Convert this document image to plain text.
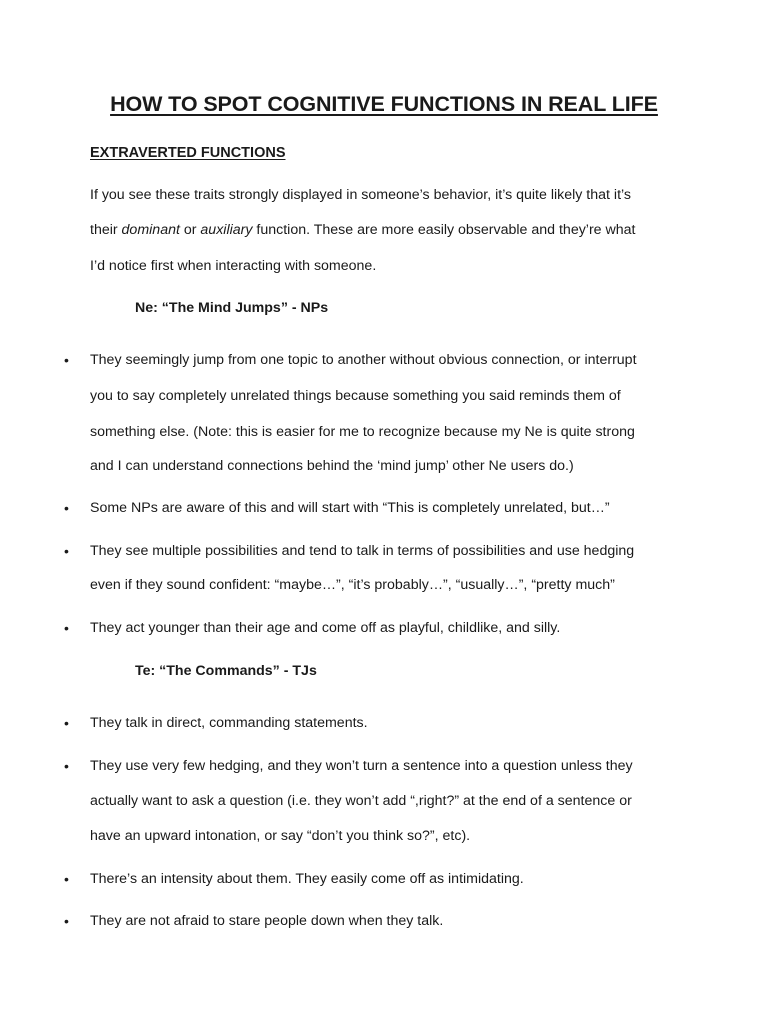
HOW TO SPOT COGNITIVE FUNCTIONS IN REAL LIFE
EXTRAVERTED FUNCTIONS

If you see these traits strongly displayed in someone’s behavior, it’s quite likely that it’s

their dominant or auxiliary function. These are more easily observable and they’re what

I’d notice first when interacting with someone.

Ne: “The Mind Jumps” - NPs
• They seemingly jump from one topic to another without obvious connection, or interrupt

you to say completely unrelated things because something you said reminds them of

something else. (Note: this is easier for me to recognize because my Ne is quite strong

and I can understand connections behind the ‘mind jump’ other Ne users do.)

• Some NPs are aware of this and will start with “This is completely unrelated, but…”

• They see multiple possibilities and tend to talk in terms of possibilities and use hedging

even if they sound confident: “maybe…”, “it’s probably…”, “usually…”, “pretty much”

• They act younger than their age and come off as playful, childlike, and silly.

Te: “The Commands” - TJs
• They talk in direct, commanding statements.

• They use very few hedging, and they won’t turn a sentence into a question unless they

actually want to ask a question (i.e. they won’t add “,right?” at the end of a sentence or

have an upward intonation, or say “don’t you think so?”, etc).

• There’s an intensity about them. They easily come off as intimidating.

• They are not afraid to stare people down when they talk.
